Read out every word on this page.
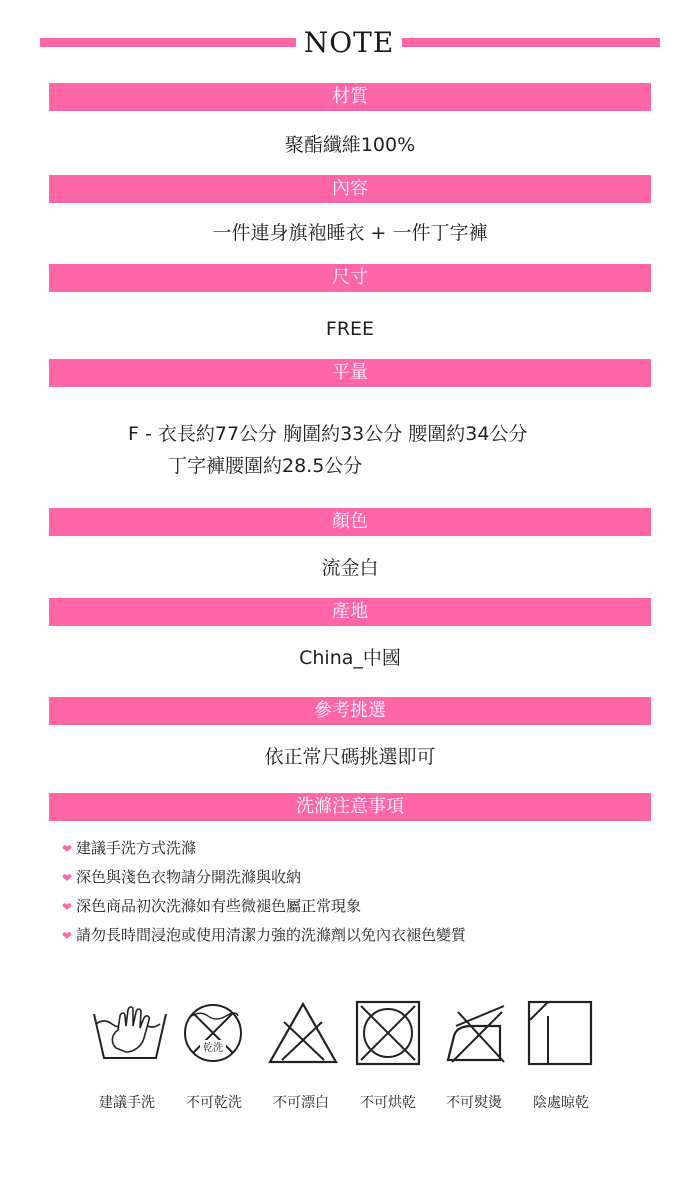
NOTE
材質
聚酯纖維100%
內容
一件連身旗袍睡衣 + 一件丁字褲
尺寸
FREE
平量
F - 衣長約77公分 胸圍約33公分 腰圍約34公分
丁字褲腰圍約28.5公分
顏色
流金白
產地
China_中國
參考挑選
依正常尺碼挑選即可
洗滌注意事項
❤ 建議手洗方式洗滌
❤ 深色與淺色衣物請分開洗滌與收納
❤ 深色商品初次洗滌如有些微褪色屬正常現象
❤ 請勿長時間浸泡或使用清潔力強的洗滌劑以免內衣褪色變質
乾洗
建議手洗 不可乾洗 不可漂白 不可烘乾 不可熨燙 陰處晾乾
